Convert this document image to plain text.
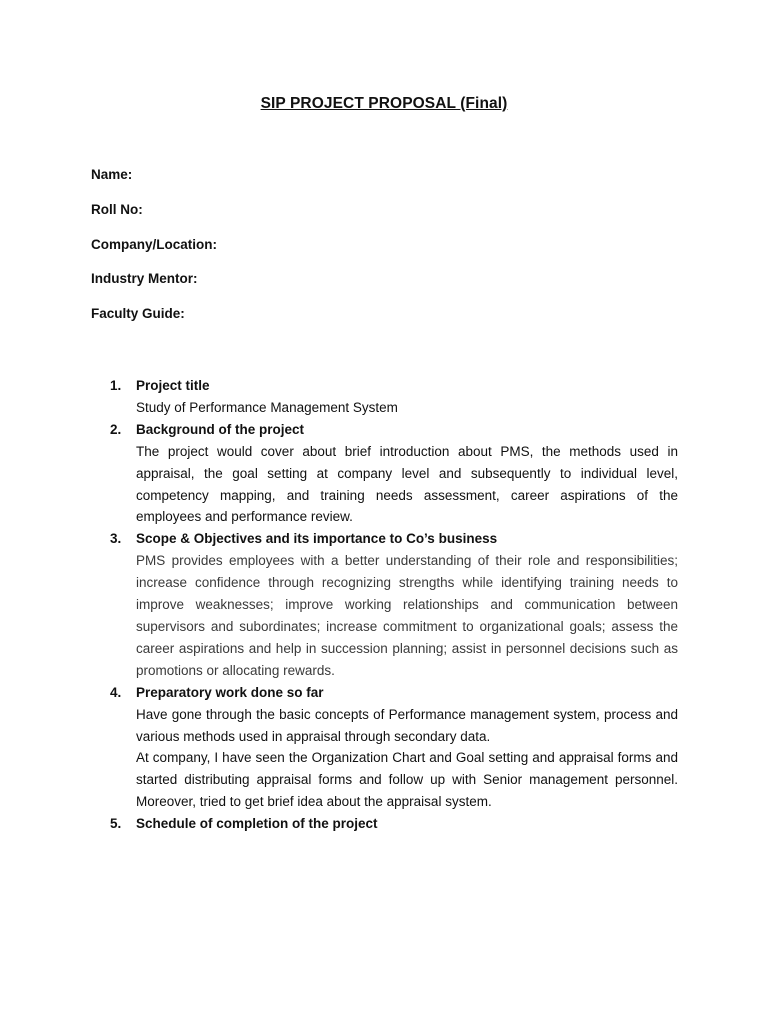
SIP PROJECT PROPOSAL (Final)
Name:
Roll No:
Company/Location:
Industry Mentor:
Faculty Guide:
1. Project title

Study of Performance Management System

2. Background of the project

The project would cover about brief introduction about PMS, the methods used in appraisal, the goal setting at company level and subsequently to individual level, competency mapping, and training needs assessment, career aspirations of the employees and performance review.

3. Scope & Objectives and its importance to Co’s business

PMS provides employees with a better understanding of their role and responsibilities; increase confidence through recognizing strengths while identifying training needs to improve weaknesses; improve working relationships and communication between supervisors and subordinates; increase commitment to organizational goals; assess the career aspirations and help in succession planning; assist in personnel decisions such as promotions or allocating rewards.

4. Preparatory work done so far

Have gone through the basic concepts of Performance management system, process and various methods used in appraisal through secondary data.

At company, I have seen the Organization Chart and Goal setting and appraisal forms and started distributing appraisal forms and follow up with Senior management personnel. Moreover, tried to get brief idea about the appraisal system.

5. Schedule of completion of the project
